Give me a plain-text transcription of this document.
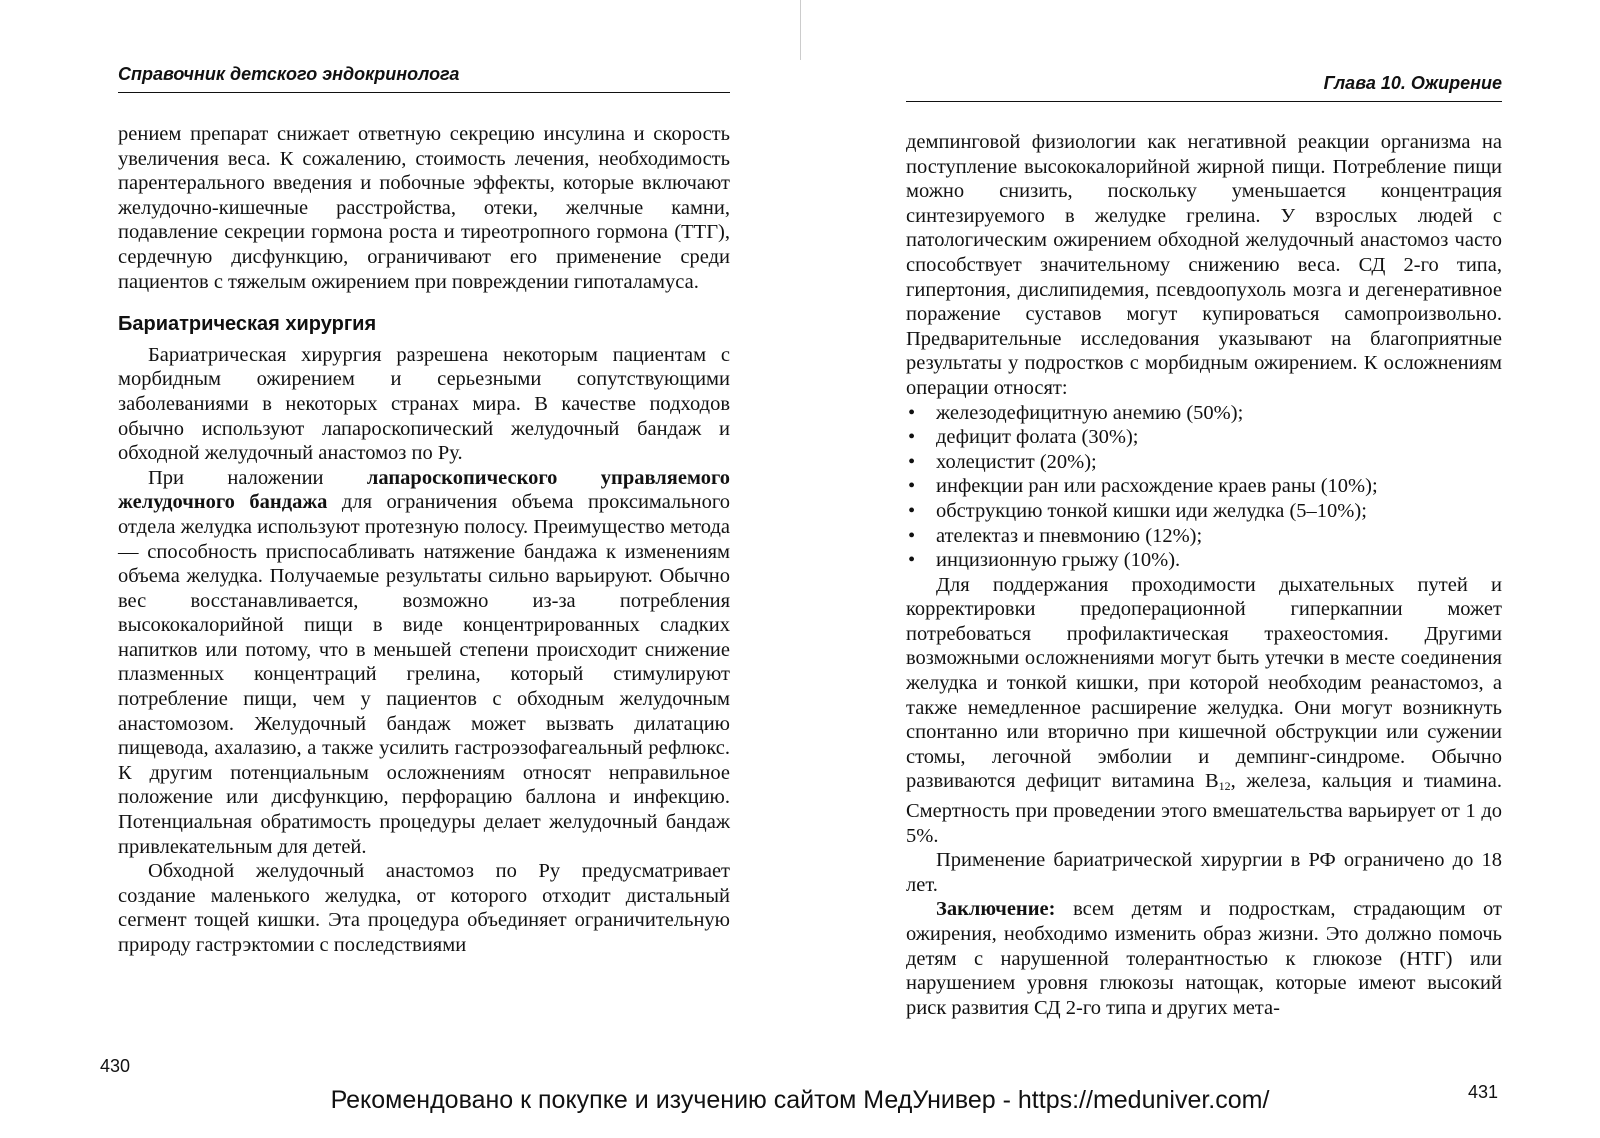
Справочник детского эндокринолога

рением препарат снижает ответную секрецию инсулина и скорость увеличения веса. К сожалению, стоимость лечения, необходимость парентерального введения и побочные эффекты, которые включают желудочно-кишечные расстройства, отеки, желчные камни, подавление секреции гормона роста и тиреотропного гормона (ТТГ), сердечную дисфункцию, ограничивают его применение среди пациентов с тяжелым ожирением при повреждении гипоталамуса.

Бариатрическая хирургия

Бариатрическая хирургия разрешена некоторым пациентам с морбидным ожирением и серьезными сопутствующими заболеваниями в некоторых странах мира. В качестве подходов обычно используют лапароскопический желудочный бандаж и обходной желудочный анастомоз по Ру.

При наложении лапароскопического управляемого желудочного бандажа для ограничения объема проксимального отдела желудка используют протезную полосу. Преимущество метода — способность приспосабливать натяжение бандажа к изменениям объема желудка. Получаемые результаты сильно варьируют. Обычно вес восстанавливается, возможно из-за потребления высококалорийной пищи в виде концентрированных сладких напитков или потому, что в меньшей степени происходит снижение плазменных концентраций грелина, который стимулируют потребление пищи, чем у пациентов с обходным желудочным анастомозом. Желудочный бандаж может вызвать дилатацию пищевода, ахалазию, а также усилить гастроэзофагеальный рефлюкс. К другим потенциальным осложнениям относят неправильное положение или дисфункцию, перфорацию баллона и инфекцию. Потенциальная обратимость процедуры делает желудочный бандаж привлекательным для детей.

Обходной желудочный анастомоз по Ру предусматривает создание маленького желудка, от которого отходит дистальный сегмент тощей кишки. Эта процедура объединяет ограничительную природу гастрэктомии с последствиями

430
Глава 10. Ожирение

демпинговой физиологии как негативной реакции организма на поступление высококалорийной жирной пищи. Потребление пищи можно снизить, поскольку уменьшается концентрация синтезируемого в желудке грелина. У взрослых людей с патологическим ожирением обходной желудочный анастомоз часто способствует значительному снижению веса. СД 2-го типа, гипертония, дислипидемия, псевдоопухоль мозга и дегенеративное поражение суставов могут купироваться самопроизвольно. Предварительные исследования указывают на благоприятные результаты у подростков с морбидным ожирением. К осложнениям операции относят:

• железодефицитную анемию (50%);
• дефицит фолата (30%);
• холецистит (20%);
• инфекции ран или расхождение краев раны (10%);
• обструкцию тонкой кишки иди желудка (5–10%);
• ателектаз и пневмонию (12%);
• инцизионную грыжу (10%).

Для поддержания проходимости дыхательных путей и корректировки предоперационной гиперкапнии может потребоваться профилактическая трахеостомия. Другими возможными осложнениями могут быть утечки в месте соединения желудка и тонкой кишки, при которой необходим реанастомоз, а также немедленное расширение желудка. Они могут возникнуть спонтанно или вторично при кишечной обструкции или сужении стомы, легочной эмболии и демпинг-синдроме. Обычно развиваются дефицит витамина $B_{12}$, железа, кальция и тиамина. Смертность при проведении этого вмешательства варьирует от 1 до 5%.

Применение бариатрической хирургии в РФ ограничено до 18 лет.

Заключение: всем детям и подросткам, страдающим от ожирения, необходимо изменить образ жизни. Это должно помочь детям с нарушенной толерантностью к глюкозе (НТГ) или нарушением уровня глюкозы натощак, которые имеют высокий риск развития СД 2-го типа и других мета-

431
Рекомендовано к покупке и изучению сайтом МедУнивер - https://meduniver.com/
